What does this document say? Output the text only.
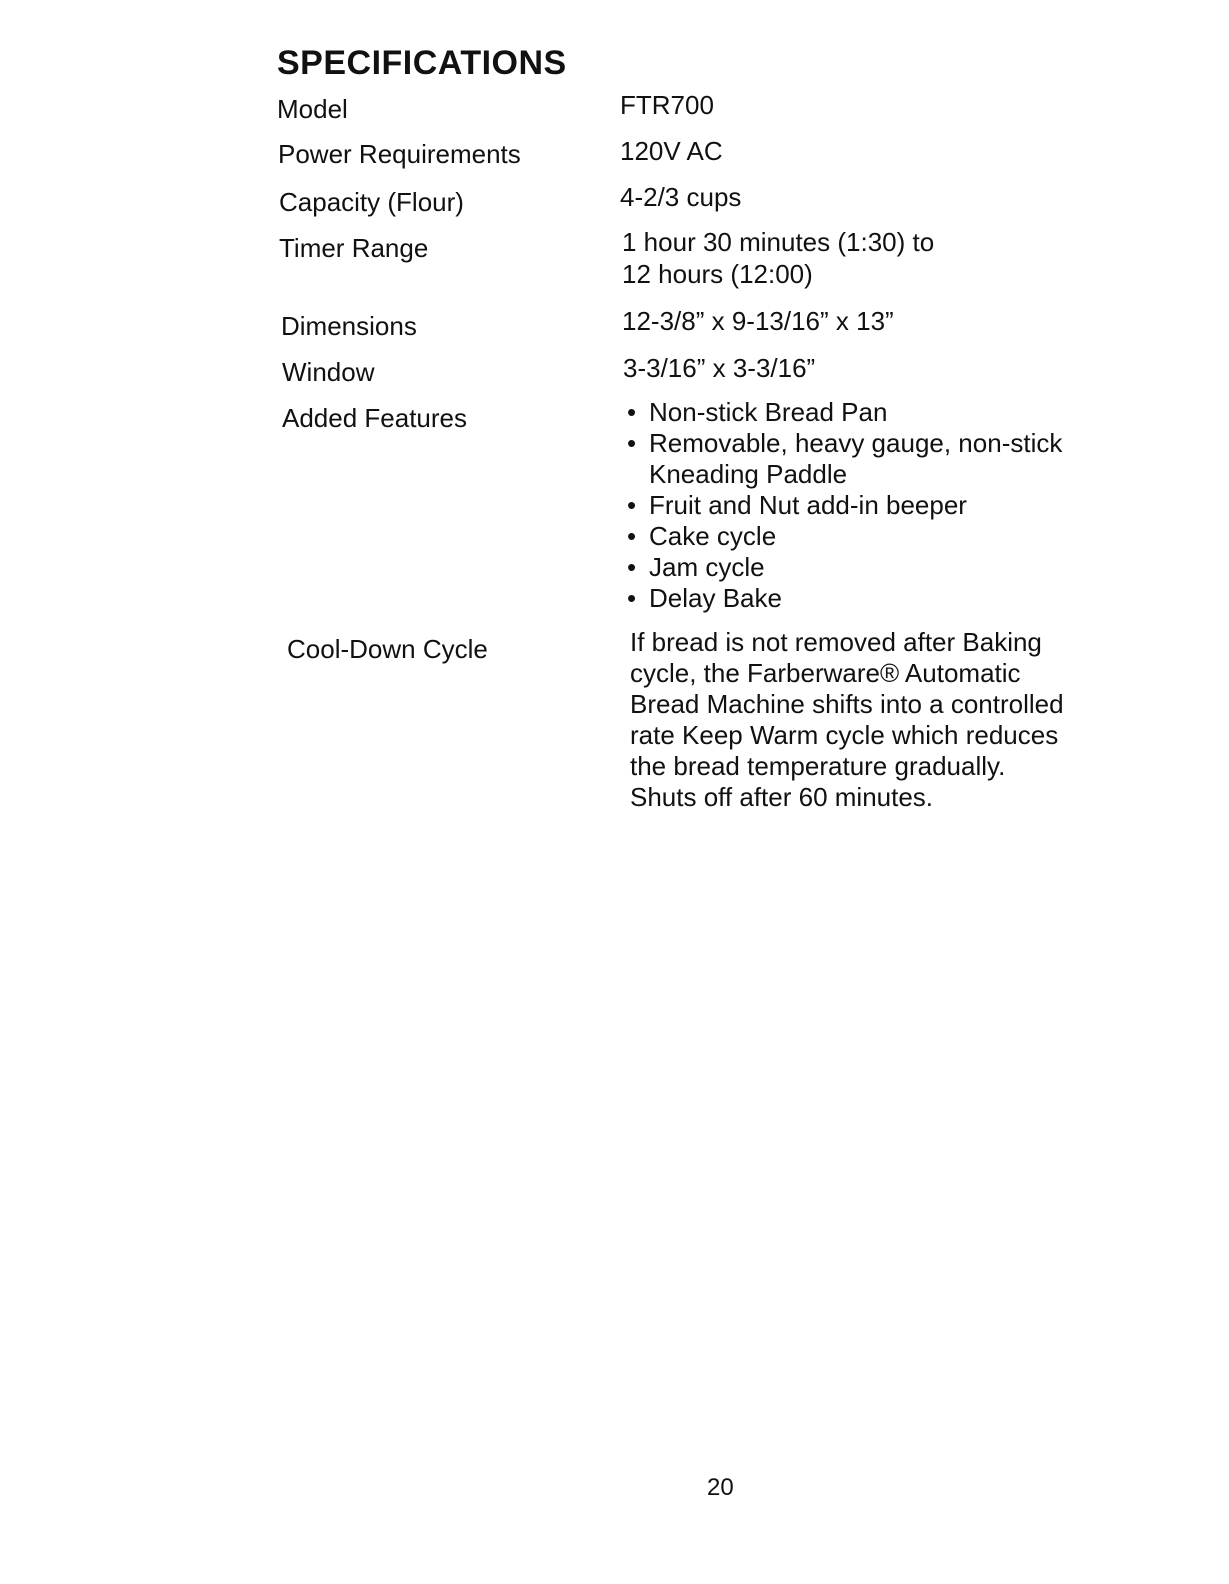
SPECIFICATIONS
Model	FTR700
Power Requirements	120V AC
Capacity (Flour)	4-2/3 cups
Timer Range	1 hour 30 minutes (1:30) to
12 hours (12:00)
Dimensions	12-3/8” x 9-13/16” x 13”
Window	3-3/16” x 3-3/16”
Added Features
•	Non-stick Bread Pan
• Removable, heavy gauge, non-stick
Kneading Paddle
• Fruit and Nut add-in beeper
• Cake cycle
• Jam cycle
• Delay Bake
Cool-Down Cycle	If bread is not removed after Baking
cycle, the Farberware® Automatic
Bread Machine shifts into a controlled
rate Keep Warm cycle which reduces
the bread temperature gradually.
Shuts off after 60 minutes.
20
